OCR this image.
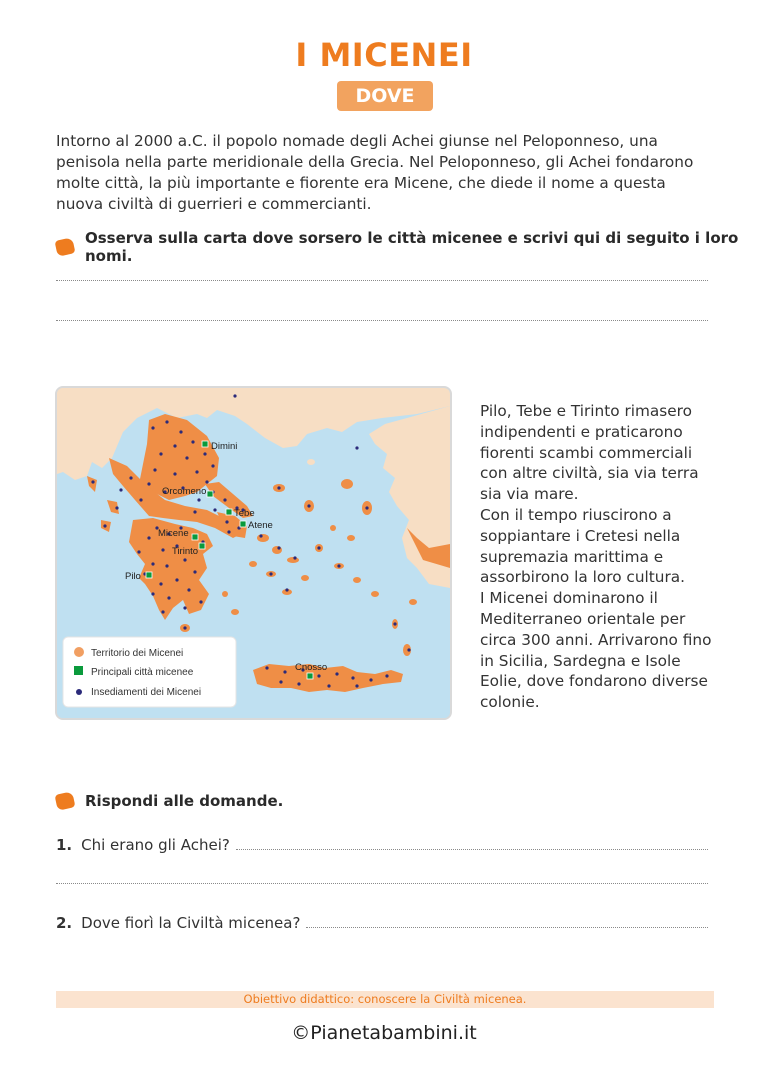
I MICENEI
DOVE
Intorno al 2000 a.C. il popolo nomade degli Achei giunse nel Peloponneso, una penisola nella parte meridionale della Grecia. Nel Peloponneso, gli Achei fondarono molte città, la più importante e fiorente era Micene, che diede il nome a questa nuova civiltà di guerrieri e commercianti.
Osserva sulla carta dove sorsero le città micenee e scrivi qui di seguito i loro nomi.
Dimini
Orcomeno
Tebe
Atene
Micene
Tirinto
Pilo
Cnosso
Territorio dei Micenei
Principali città micenee
Insediamenti dei Micenei

Pilo, Tebe e Tirinto rimasero indipendenti e praticarono fiorenti scambi commerciali con altre civiltà, sia via terra sia via mare.

Con il tempo riuscirono a soppiantare i Cretesi nella supremazia marittima e assorbirono la loro cultura.

I Micenei dominarono il Mediterraneo orientale per circa 300 anni. Arrivarono fino in Sicilia, Sardegna e Isole Eolie, dove fondarono diverse colonie.

Rispondi alle domande.
1. Chi erano gli Achei?
2. Dove fiorì la Civiltà micenea?
Obiettivo didattico: conoscere la Civiltà micenea.
©Pianetabambini.it
